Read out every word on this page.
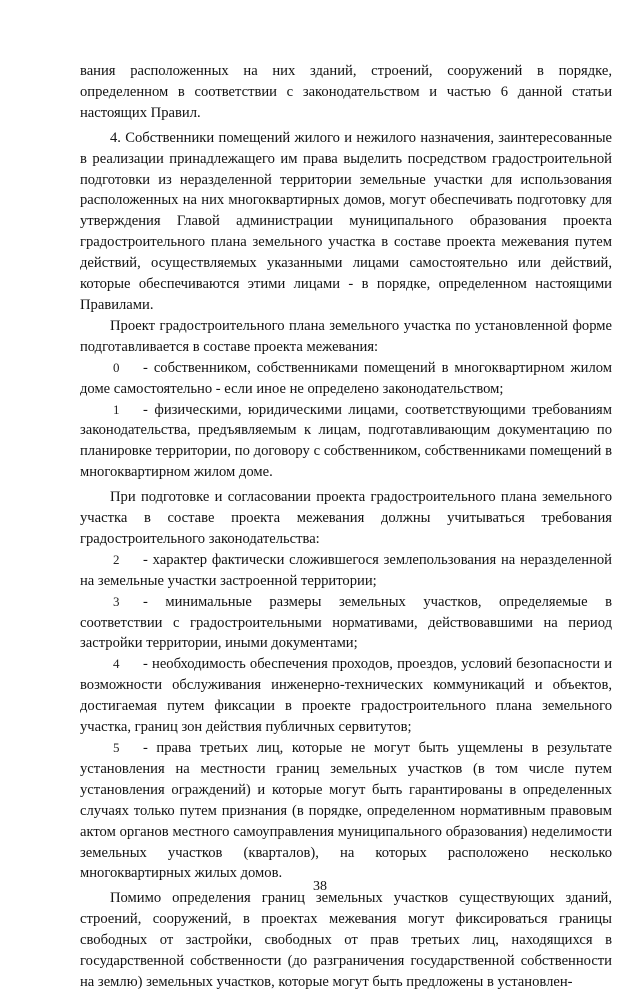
вания расположенных на них зданий, строений, сооружений в порядке, определенном в соответствии с законодательством и частью 6 данной статьи настоящих Правил.

4. Собственники помещений жилого и нежилого назначения, заинтересованные в реализации принадлежащего им права выделить посредством градостроительной подготовки из неразделенной территории земельные участки для использования расположенных на них многоквартирных домов, могут обеспечивать подготовку для утверждения Главой администрации муниципального образования проекта градостроительного плана земельного участка в составе проекта межевания путем действий, осуществляемых указанными лицами самостоятельно или действий, которые обеспечиваются этими лицами - в порядке, определенном настоящими Правилами.

Проект градостроительного плана земельного участка по установленной форме подготавливается в составе проекта межевания:

0 - собственником, собственниками помещений в многоквартирном жилом доме самостоятельно - если иное не определено законодательством;

1 - физическими, юридическими лицами, соответствующими требованиям законодательства, предъявляемым к лицам, подготавливающим документацию по планировке территории, по договору с собственником, собственниками помещений в многоквартирном жилом доме.

При подготовке и согласовании проекта градостроительного плана земельного участка в составе проекта межевания должны учитываться требования градостроительного законодательства:

2 - характер фактически сложившегося землепользования на неразделенной на земельные участки застроенной территории;

3 - минимальные размеры земельных участков, определяемые в соответствии с градостроительными нормативами, действовавшими на период застройки территории, иными документами;

4 - необходимость обеспечения проходов, проездов, условий безопасности и возможности обслуживания инженерно-технических коммуникаций и объектов, достигаемая путем фиксации в проекте градостроительного плана земельного участка, границ зон действия публичных сервитутов;

5 - права третьих лиц, которые не могут быть ущемлены в результате установления на местности границ земельных участков (в том числе путем установления ограждений) и которые могут быть гарантированы в определенных случаях только путем признания (в порядке, определенном нормативным правовым актом органов местного самоуправления муниципального образования) неделимости земельных участков (кварталов), на которых расположено несколько многоквартирных жилых домов.

Помимо определения границ земельных участков существующих зданий, строений, сооружений, в проектах межевания могут фиксироваться границы свободных от застройки, свободных от прав третьих лиц, находящихся в государственной собственности (до разграничения государственной собственности на землю) земельных участков, которые могут быть предложены в установлен-

38
